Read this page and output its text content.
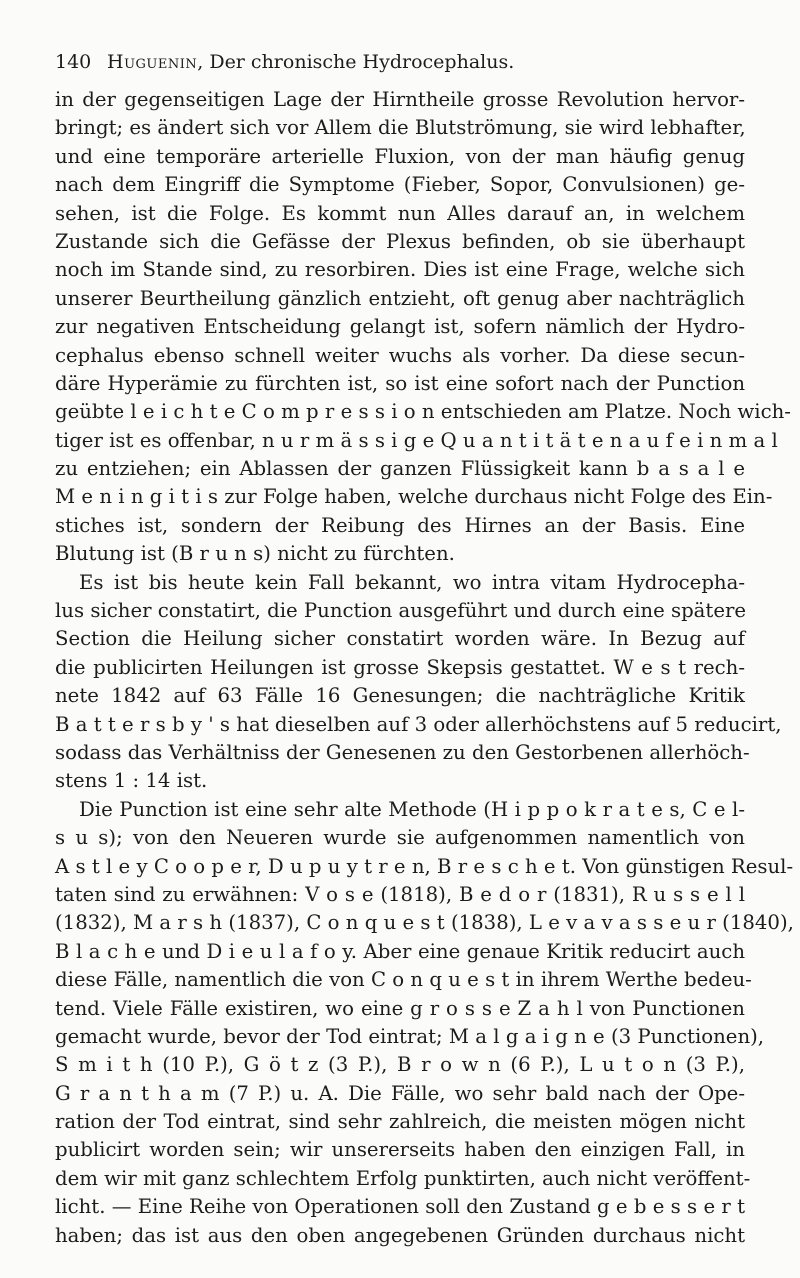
140 Huguenin, Der chronische Hydrocephalus.
in der gegenseitigen Lage der Hirntheile grosse Revolution hervor-
bringt; es ändert sich vor Allem die Blutströmung, sie wird lebhafter,
und eine temporäre arterielle Fluxion, von der man häufig genug
nach dem Eingriff die Symptome (Fieber, Sopor, Convulsionen) ge-
sehen, ist die Folge. Es kommt nun Alles darauf an, in welchem
Zustande sich die Gefässe der Plexus befinden, ob sie überhaupt
noch im Stande sind, zu resorbiren. Dies ist eine Frage, welche sich
unserer Beurtheilung gänzlich entzieht, oft genug aber nachträglich
zur negativen Entscheidung gelangt ist, sofern nämlich der Hydro-
cephalus ebenso schnell weiter wuchs als vorher. Da diese secun-
däre Hyperämie zu fürchten ist, so ist eine sofort nach der Punction
geübte l e i c h t e C o m p r e s s i o n entschieden am Platze. Noch wich-
tiger ist es offenbar, n u r m ä s s i g e Q u a n t i t ä t e n a u f e i n m a l
zu entziehen; ein Ablassen der ganzen Flüssigkeit kann b a s a l e
M e n i n g i t i s zur Folge haben, welche durchaus nicht Folge des Ein-
stiches ist, sondern der Reibung des Hirnes an der Basis. Eine
Blutung ist (B r u n s) nicht zu fürchten.
Es ist bis heute kein Fall bekannt, wo intra vitam Hydrocepha-
lus sicher constatirt, die Punction ausgeführt und durch eine spätere
Section die Heilung sicher constatirt worden wäre. In Bezug auf
die publicirten Heilungen ist grosse Skepsis gestattet. W e s t rech-
nete 1842 auf 63 Fälle 16 Genesungen; die nachträgliche Kritik
B a t t e r s b y ' s hat dieselben auf 3 oder allerhöchstens auf 5 reducirt,
sodass das Verhältniss der Genesenen zu den Gestorbenen allerhöch-
stens 1 : 14 ist.
Die Punction ist eine sehr alte Methode (H i p p o k r a t e s, C e l-
s u s); von den Neueren wurde sie aufgenommen namentlich von
A s t l e y C o o p e r, D u p u y t r e n, B r e s c h e t. Von günstigen Resul-
taten sind zu erwähnen: V o s e (1818), B e d o r (1831), R u s s e l l
(1832), M a r s h (1837), C o n q u e s t (1838), L e v a v a s s e u r (1840),
B l a c h e und D i e u l a f o y. Aber eine genaue Kritik reducirt auch
diese Fälle, namentlich die von C o n q u e s t in ihrem Werthe bedeu-
tend. Viele Fälle existiren, wo eine g r o s s e Z a h l von Punctionen
gemacht wurde, bevor der Tod eintrat; M a l g a i g n e (3 Punctionen),
S m i t h (10 P.), G ö t z (3 P.), B r o w n (6 P.), L u t o n (3 P.),
G r a n t h a m (7 P.) u. A. Die Fälle, wo sehr bald nach der Ope-
ration der Tod eintrat, sind sehr zahlreich, die meisten mögen nicht
publicirt worden sein; wir unsererseits haben den einzigen Fall, in
dem wir mit ganz schlechtem Erfolg punktirten, auch nicht veröffent-
licht. — Eine Reihe von Operationen soll den Zustand g e b e s s e r t
haben; das ist aus den oben angegebenen Gründen durchaus nicht
